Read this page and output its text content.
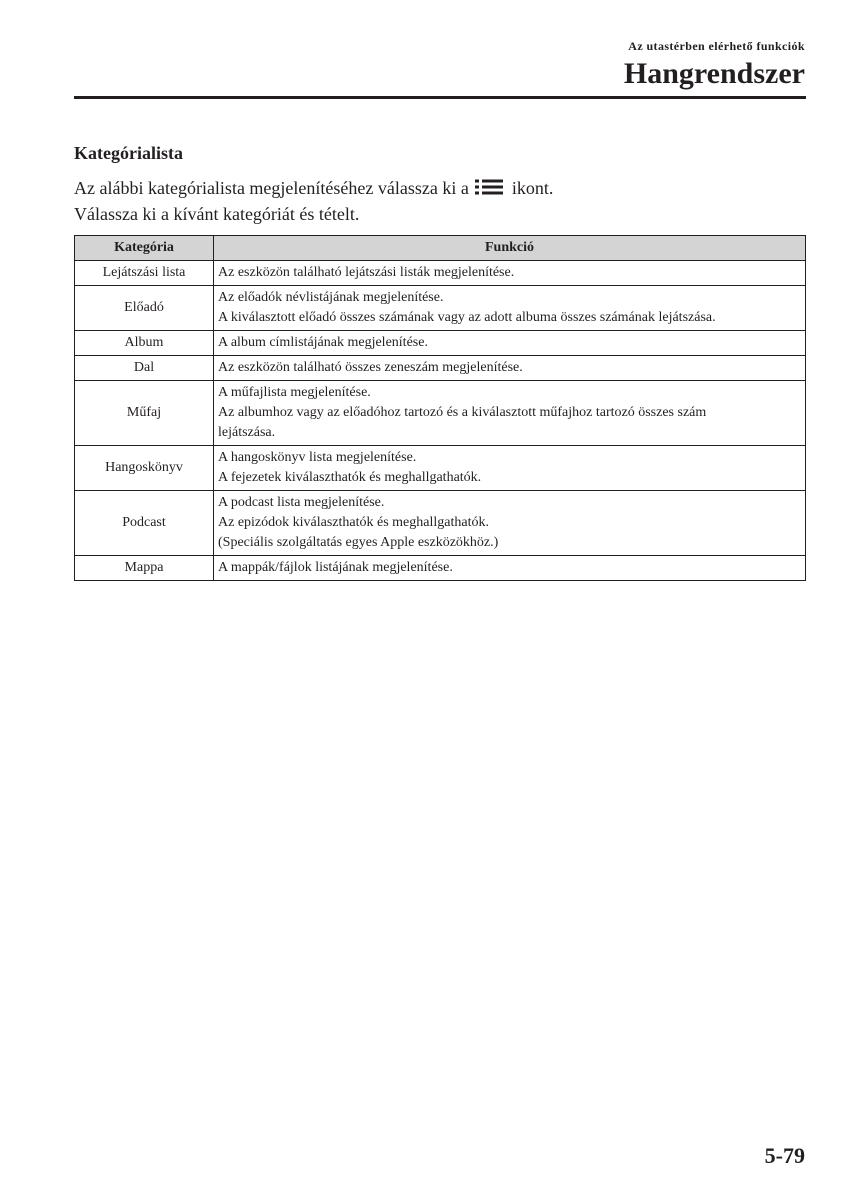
Az utastérben elérhető funkciók
Hangrendszer
Kategórialista

Az alábbi kategórialista megjelenítéséhez válassza ki a ikont.

Válassza ki a kívánt kategóriát és tételt.

Kategória	Funkció
Lejátszási lista	Az eszközön található lejátszási listák megjelenítése.

Előadó	Az előadók névlistájának megjelenítése.
A kiválasztott előadó összes számának vagy az adott albuma összes számának lejátszása.

Album	A album címlistájának megjelenítése.

Dal	Az eszközön található összes zeneszám megjelenítése.

Műfaj	A műfajlista megjelenítése.
Az albumhoz vagy az előadóhoz tartozó és a kiválasztott műfajhoz tartozó összes szám
lejátszása.

Hangoskönyv	A hangoskönyv lista megjelenítése.
A fejezetek kiválaszthatók és meghallgathatók.

Podcast	A podcast lista megjelenítése.
Az epizódok kiválaszthatók és meghallgathatók.
(Speciális szolgáltatás egyes Apple eszközökhöz.)

Mappa	A mappák/fájlok listájának megjelenítése.
5-79
